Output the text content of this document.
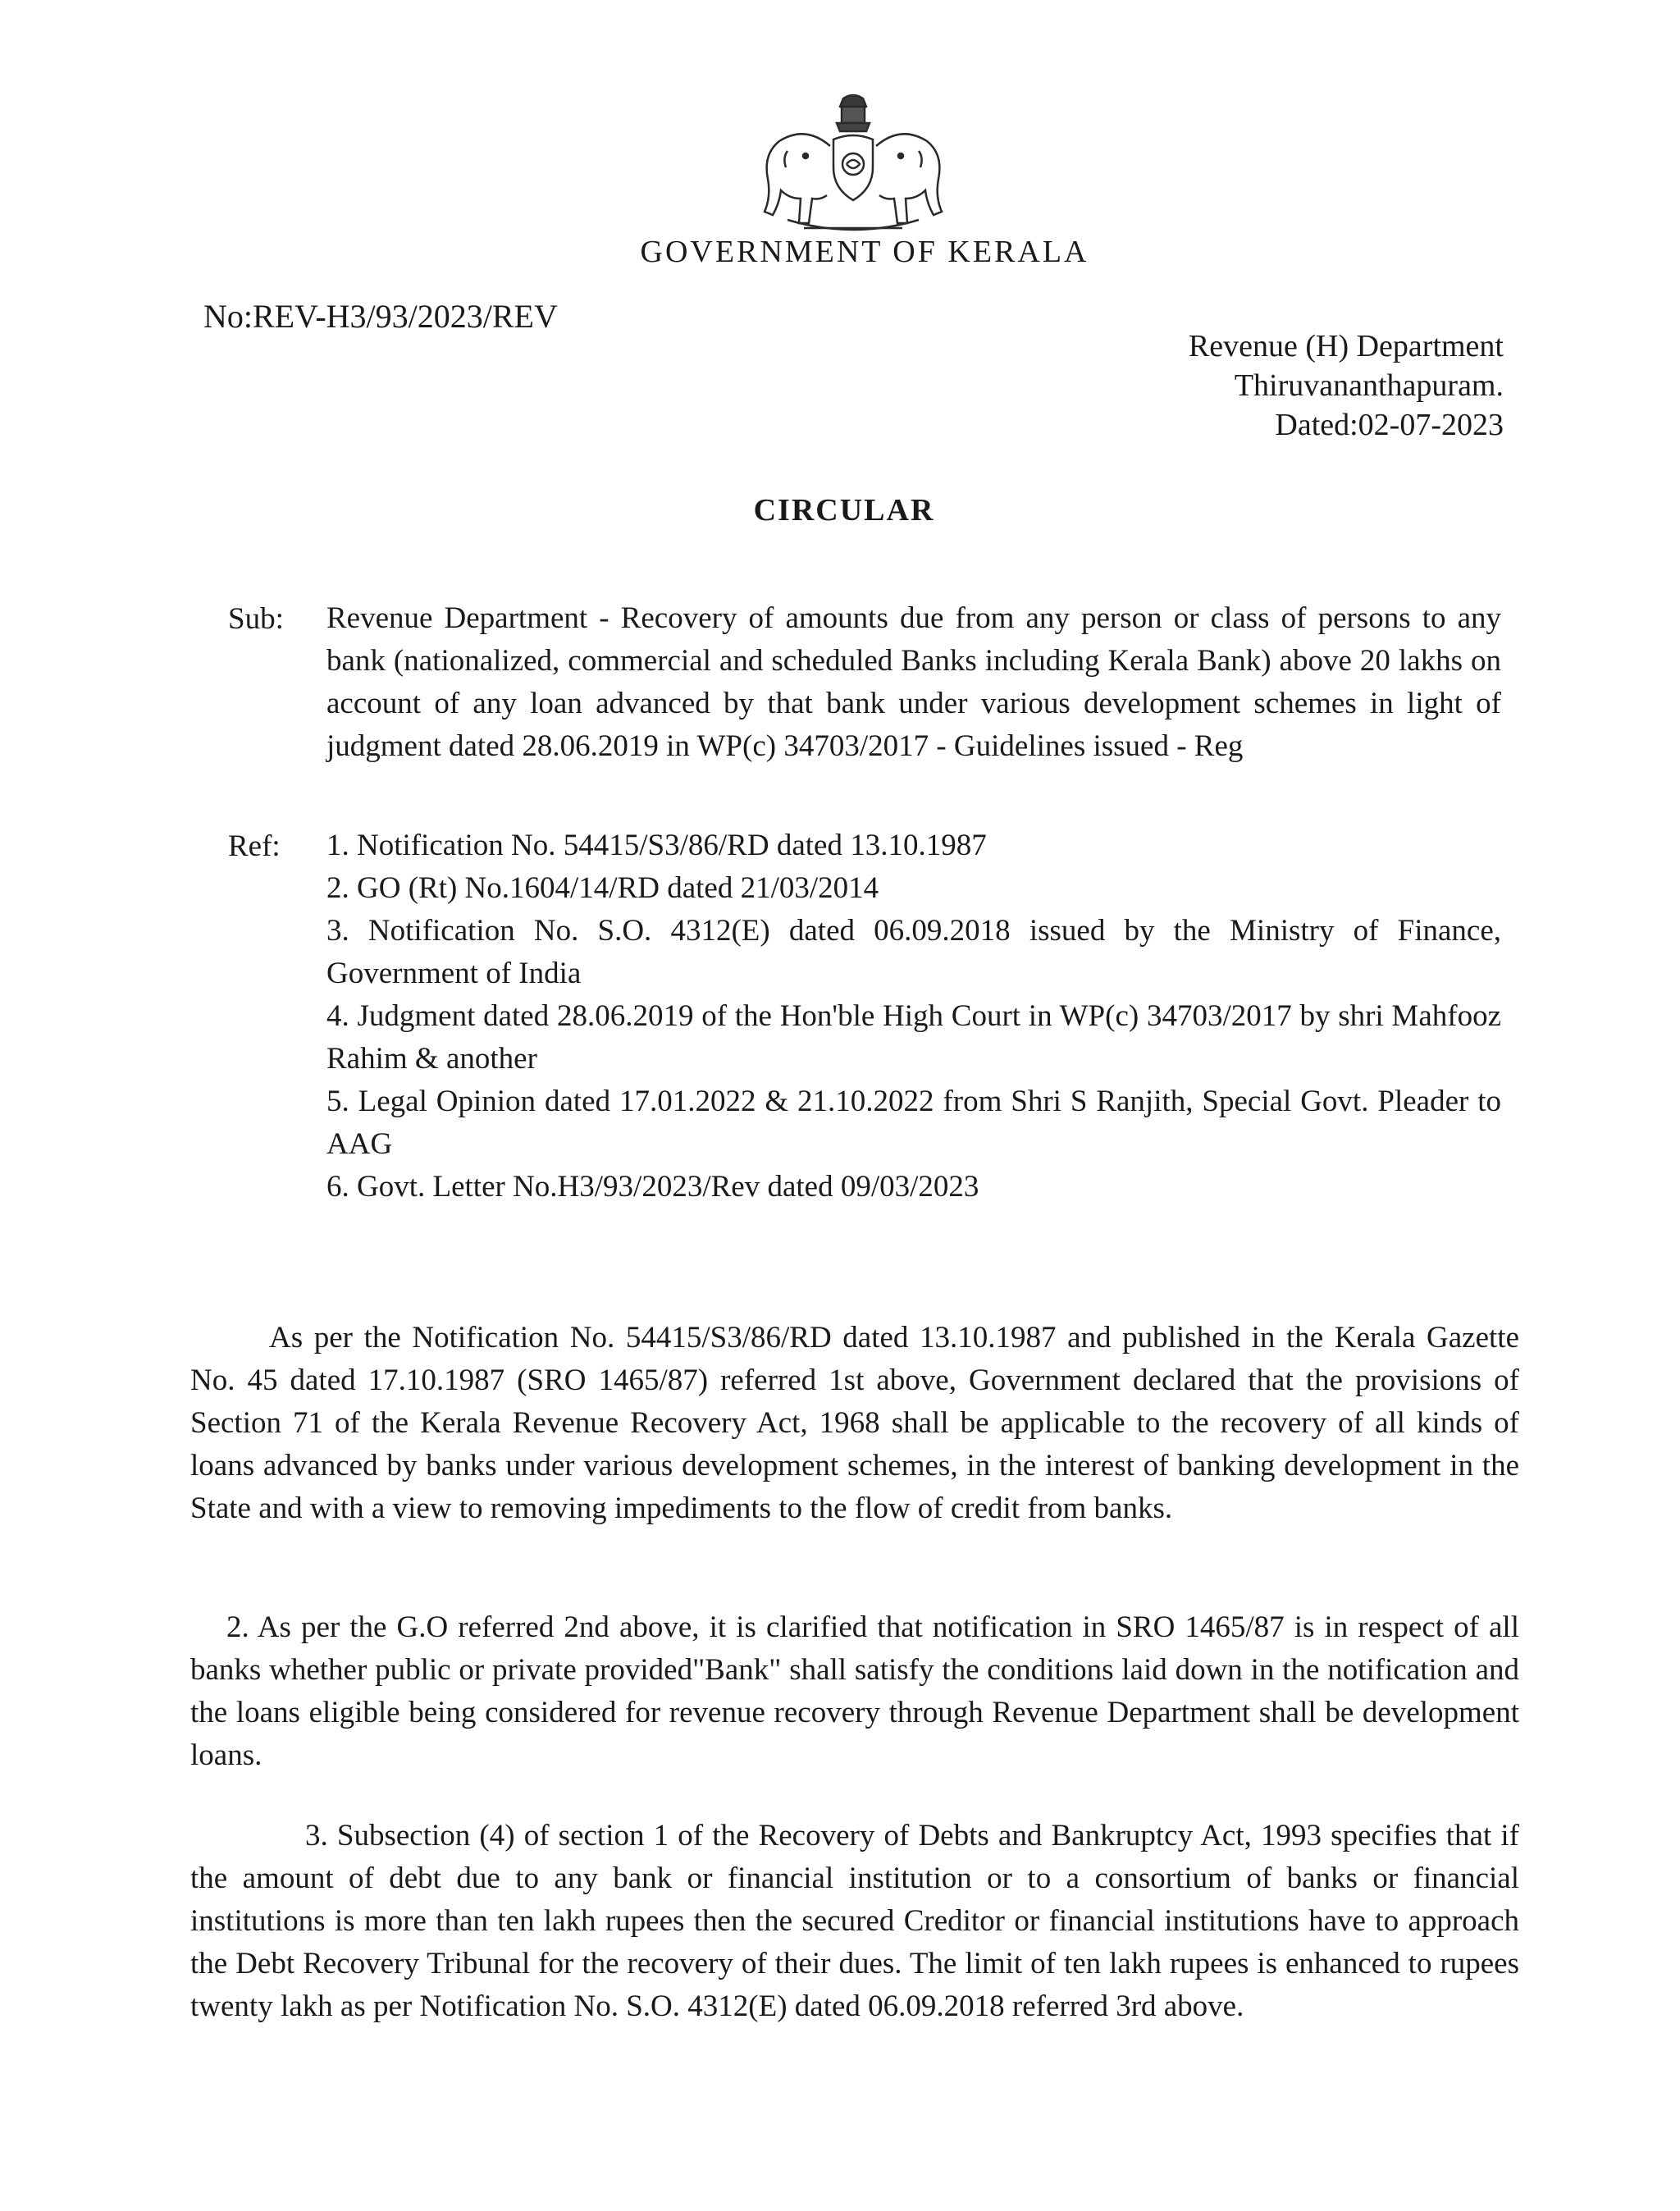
GOVERNMENT OF KERALA
No:REV-H3/93/2023/REV
Revenue (H) Department
Thiruvananthapuram.
Dated:02-07-2023
CIRCULAR
Sub: Revenue Department - Recovery of amounts due from any person or class of persons to any bank (nationalized, commercial and scheduled Banks including Kerala Bank) above 20 lakhs on account of any loan advanced by that bank under various development schemes in light of judgment dated 28.06.2019 in WP(c) 34703/2017 - Guidelines issued - Reg
Ref: 1. Notification No. 54415/S3/86/RD dated 13.10.1987
2. GO (Rt) No.1604/14/RD dated 21/03/2014
3. Notification No. S.O. 4312(E) dated 06.09.2018 issued by the Ministry of Finance, Government of India
4. Judgment dated 28.06.2019 of the Hon'ble High Court in WP(c) 34703/2017 by shri Mahfooz Rahim & another
5. Legal Opinion dated 17.01.2022 & 21.10.2022 from Shri S Ranjith, Special Govt. Pleader to AAG
6. Govt. Letter No.H3/93/2023/Rev dated 09/03/2023

As per the Notification No. 54415/S3/86/RD dated 13.10.1987 and published in the Kerala Gazette No. 45 dated 17.10.1987 (SRO 1465/87) referred 1st above, Government declared that the provisions of Section 71 of the Kerala Revenue Recovery Act, 1968 shall be applicable to the recovery of all kinds of loans advanced by banks under various development schemes, in the interest of banking development in the State and with a view to removing impediments to the flow of credit from banks.

2. As per the G.O referred 2nd above, it is clarified that notification in SRO 1465/87 is in respect of all banks whether public or private provided"Bank" shall satisfy the conditions laid down in the notification and the loans eligible being considered for revenue recovery through Revenue Department shall be development loans.

3. Subsection (4) of section 1 of the Recovery of Debts and Bankruptcy Act, 1993 specifies that if the amount of debt due to any bank or financial institution or to a consortium of banks or financial institutions is more than ten lakh rupees then the secured Creditor or financial institutions have to approach the Debt Recovery Tribunal for the recovery of their dues. The limit of ten lakh rupees is enhanced to rupees twenty lakh as per Notification No. S.O. 4312(E) dated 06.09.2018 referred 3rd above.
